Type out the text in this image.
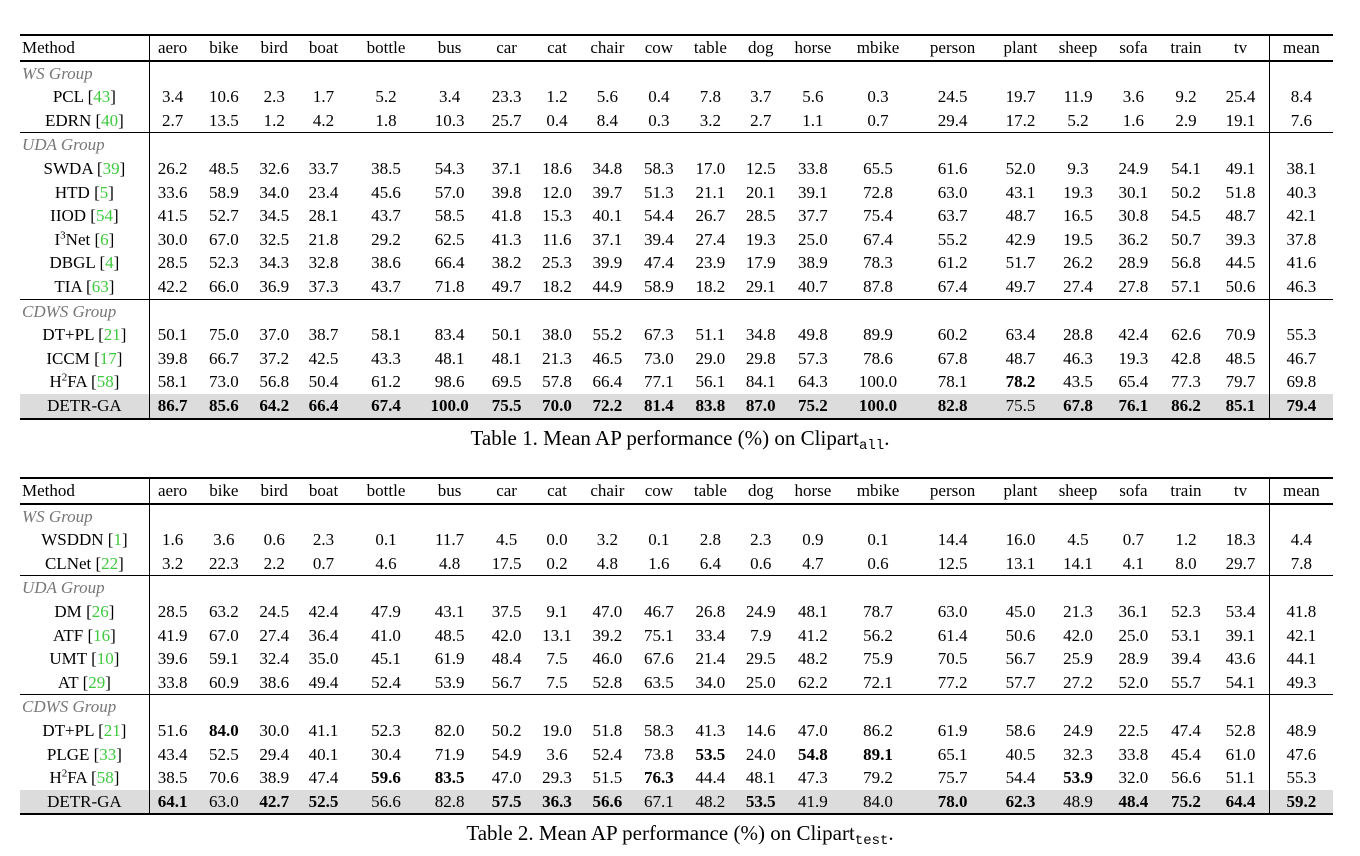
Method	aero	bike	bird	boat	bottle	bus	car	cat	chair	cow	table	dog	horse	mbike	person	plant	sheep	sofa	train	tv	mean
WS Group																					
PCL [43]	3.4	10.6	2.3	1.7	5.2	3.4	23.3	1.2	5.6	0.4	7.8	3.7	5.6	0.3	24.5	19.7	11.9	3.6	9.2	25.4	8.4
EDRN [40]	2.7	13.5	1.2	4.2	1.8	10.3	25.7	0.4	8.4	0.3	3.2	2.7	1.1	0.7	29.4	17.2	5.2	1.6	2.9	19.1	7.6
UDA Group																					
SWDA [39]	26.2	48.5	32.6	33.7	38.5	54.3	37.1	18.6	34.8	58.3	17.0	12.5	33.8	65.5	61.6	52.0	9.3	24.9	54.1	49.1	38.1
HTD [5]	33.6	58.9	34.0	23.4	45.6	57.0	39.8	12.0	39.7	51.3	21.1	20.1	39.1	72.8	63.0	43.1	19.3	30.1	50.2	51.8	40.3
IIOD [54]	41.5	52.7	34.5	28.1	43.7	58.5	41.8	15.3	40.1	54.4	26.7	28.5	37.7	75.4	63.7	48.7	16.5	30.8	54.5	48.7	42.1
$I^3Net$ [6]	30.0	67.0	32.5	21.8	29.2	62.5	41.3	11.6	37.1	39.4	27.4	19.3	25.0	67.4	55.2	42.9	19.5	36.2	50.7	39.3	37.8
DBGL [4]	28.5	52.3	34.3	32.8	38.6	66.4	38.2	25.3	39.9	47.4	23.9	17.9	38.9	78.3	61.2	51.7	26.2	28.9	56.8	44.5	41.6
TIA [63]	42.2	66.0	36.9	37.3	43.7	71.8	49.7	18.2	44.9	58.9	18.2	29.1	40.7	87.8	67.4	49.7	27.4	27.8	57.1	50.6	46.3
CDWS Group																					
DT+PL [21]	50.1	75.0	37.0	38.7	58.1	83.4	50.1	38.0	55.2	67.3	51.1	34.8	49.8	89.9	60.2	63.4	28.8	42.4	62.6	70.9	55.3
ICCM [17]	39.8	66.7	37.2	42.5	43.3	48.1	48.1	21.3	46.5	73.0	29.0	29.8	57.3	78.6	67.8	48.7	46.3	19.3	42.8	48.5	46.7
$H^2FA$ [58]	58.1	73.0	56.8	50.4	61.2	98.6	69.5	57.8	66.4	77.1	56.1	84.1	64.3	100.0	78.1	78.2	43.5	65.4	77.3	79.7	69.8
DETR-GA	86.7	85.6	64.2	66.4	67.4	100.0	75.5	70.0	72.2	81.4	83.8	87.0	75.2	100.0	82.8	75.5	67.8	76.1	86.2	85.1	79.4
Table 1. Mean AP performance (%) on Clipartall.
Method	aero	bike	bird	boat	bottle	bus	car	cat	chair	cow	table	dog	horse	mbike	person	plant	sheep	sofa	train	tv	mean
WS Group																					
WSDDN [1]	1.6	3.6	0.6	2.3	0.1	11.7	4.5	0.0	3.2	0.1	2.8	2.3	0.9	0.1	14.4	16.0	4.5	0.7	1.2	18.3	4.4
CLNet [22]	3.2	22.3	2.2	0.7	4.6	4.8	17.5	0.2	4.8	1.6	6.4	0.6	4.7	0.6	12.5	13.1	14.1	4.1	8.0	29.7	7.8
UDA Group																					
DM [26]	28.5	63.2	24.5	42.4	47.9	43.1	37.5	9.1	47.0	46.7	26.8	24.9	48.1	78.7	63.0	45.0	21.3	36.1	52.3	53.4	41.8
ATF [16]	41.9	67.0	27.4	36.4	41.0	48.5	42.0	13.1	39.2	75.1	33.4	7.9	41.2	56.2	61.4	50.6	42.0	25.0	53.1	39.1	42.1
UMT [10]	39.6	59.1	32.4	35.0	45.1	61.9	48.4	7.5	46.0	67.6	21.4	29.5	48.2	75.9	70.5	56.7	25.9	28.9	39.4	43.6	44.1
AT [29]	33.8	60.9	38.6	49.4	52.4	53.9	56.7	7.5	52.8	63.5	34.0	25.0	62.2	72.1	77.2	57.7	27.2	52.0	55.7	54.1	49.3
CDWS Group																					
DT+PL [21]	51.6	84.0	30.0	41.1	52.3	82.0	50.2	19.0	51.8	58.3	41.3	14.6	47.0	86.2	61.9	58.6	24.9	22.5	47.4	52.8	48.9
PLGE [33]	43.4	52.5	29.4	40.1	30.4	71.9	54.9	3.6	52.4	73.8	53.5	24.0	54.8	89.1	65.1	40.5	32.3	33.8	45.4	61.0	47.6
$H^2FA$ [58]	38.5	70.6	38.9	47.4	59.6	83.5	47.0	29.3	51.5	76.3	44.4	48.1	47.3	79.2	75.7	54.4	53.9	32.0	56.6	51.1	55.3
DETR-GA	64.1	63.0	42.7	52.5	56.6	82.8	57.5	36.3	56.6	67.1	48.2	53.5	41.9	84.0	78.0	62.3	48.9	48.4	75.2	64.4	59.2
Table 2. Mean AP performance (%) on Cliparttest.
